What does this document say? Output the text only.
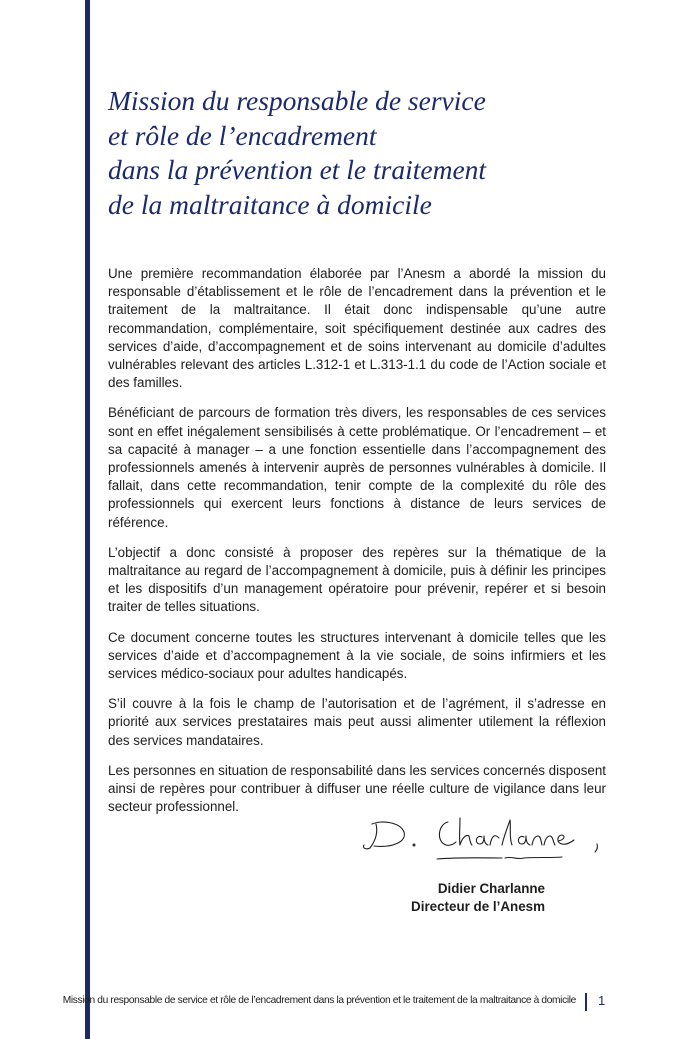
Mission du responsable de service
et rôle de l’encadrement
dans la prévention et le traitement
de la maltraitance à domicile

Une première recommandation élaborée par l’Anesm a abordé la mission du responsable d’établissement et le rôle de l’encadrement dans la prévention et le traitement de la maltraitance. Il était donc indispensable qu’une autre recommandation, complémentaire, soit spécifiquement destinée aux cadres des services d’aide, d’accompagnement et de soins intervenant au domicile d’adultes vulnérables relevant des articles L.312-1 et L.313-1.1 du code de l’Action sociale et des familles.

Bénéficiant de parcours de formation très divers, les responsables de ces services sont en effet inégalement sensibilisés à cette problématique. Or l’encadrement – et sa capacité à manager – a une fonction essentielle dans l’accompagnement des professionnels amenés à intervenir auprès de personnes vulnérables à domicile. Il fallait, dans cette recommandation, tenir compte de la complexité du rôle des professionnels qui exercent leurs fonctions à distance de leurs services de référence.

L’objectif a donc consisté à proposer des repères sur la thématique de la maltraitance au regard de l’accompagnement à domicile, puis à définir les principes et les dispositifs d’un management opératoire pour prévenir, repérer et si besoin traiter de telles situations.

Ce document concerne toutes les structures intervenant à domicile telles que les services d’aide et d’accompagnement à la vie sociale, de soins infirmiers et les services médico-sociaux pour adultes handicapés.

S’il couvre à la fois le champ de l’autorisation et de l’agrément, il s’adresse en priorité aux services prestataires mais peut aussi alimenter utilement la réflexion des services mandataires.

Les personnes en situation de responsabilité dans les services concernés disposent ainsi de repères pour contribuer à diffuser une réelle culture de vigilance dans leur secteur professionnel.

Didier Charlanne
Directeur de l’Anesm
Mission du responsable de service et rôle de l’encadrement dans la prévention et le traitement de la maltraitance à domicile 1
